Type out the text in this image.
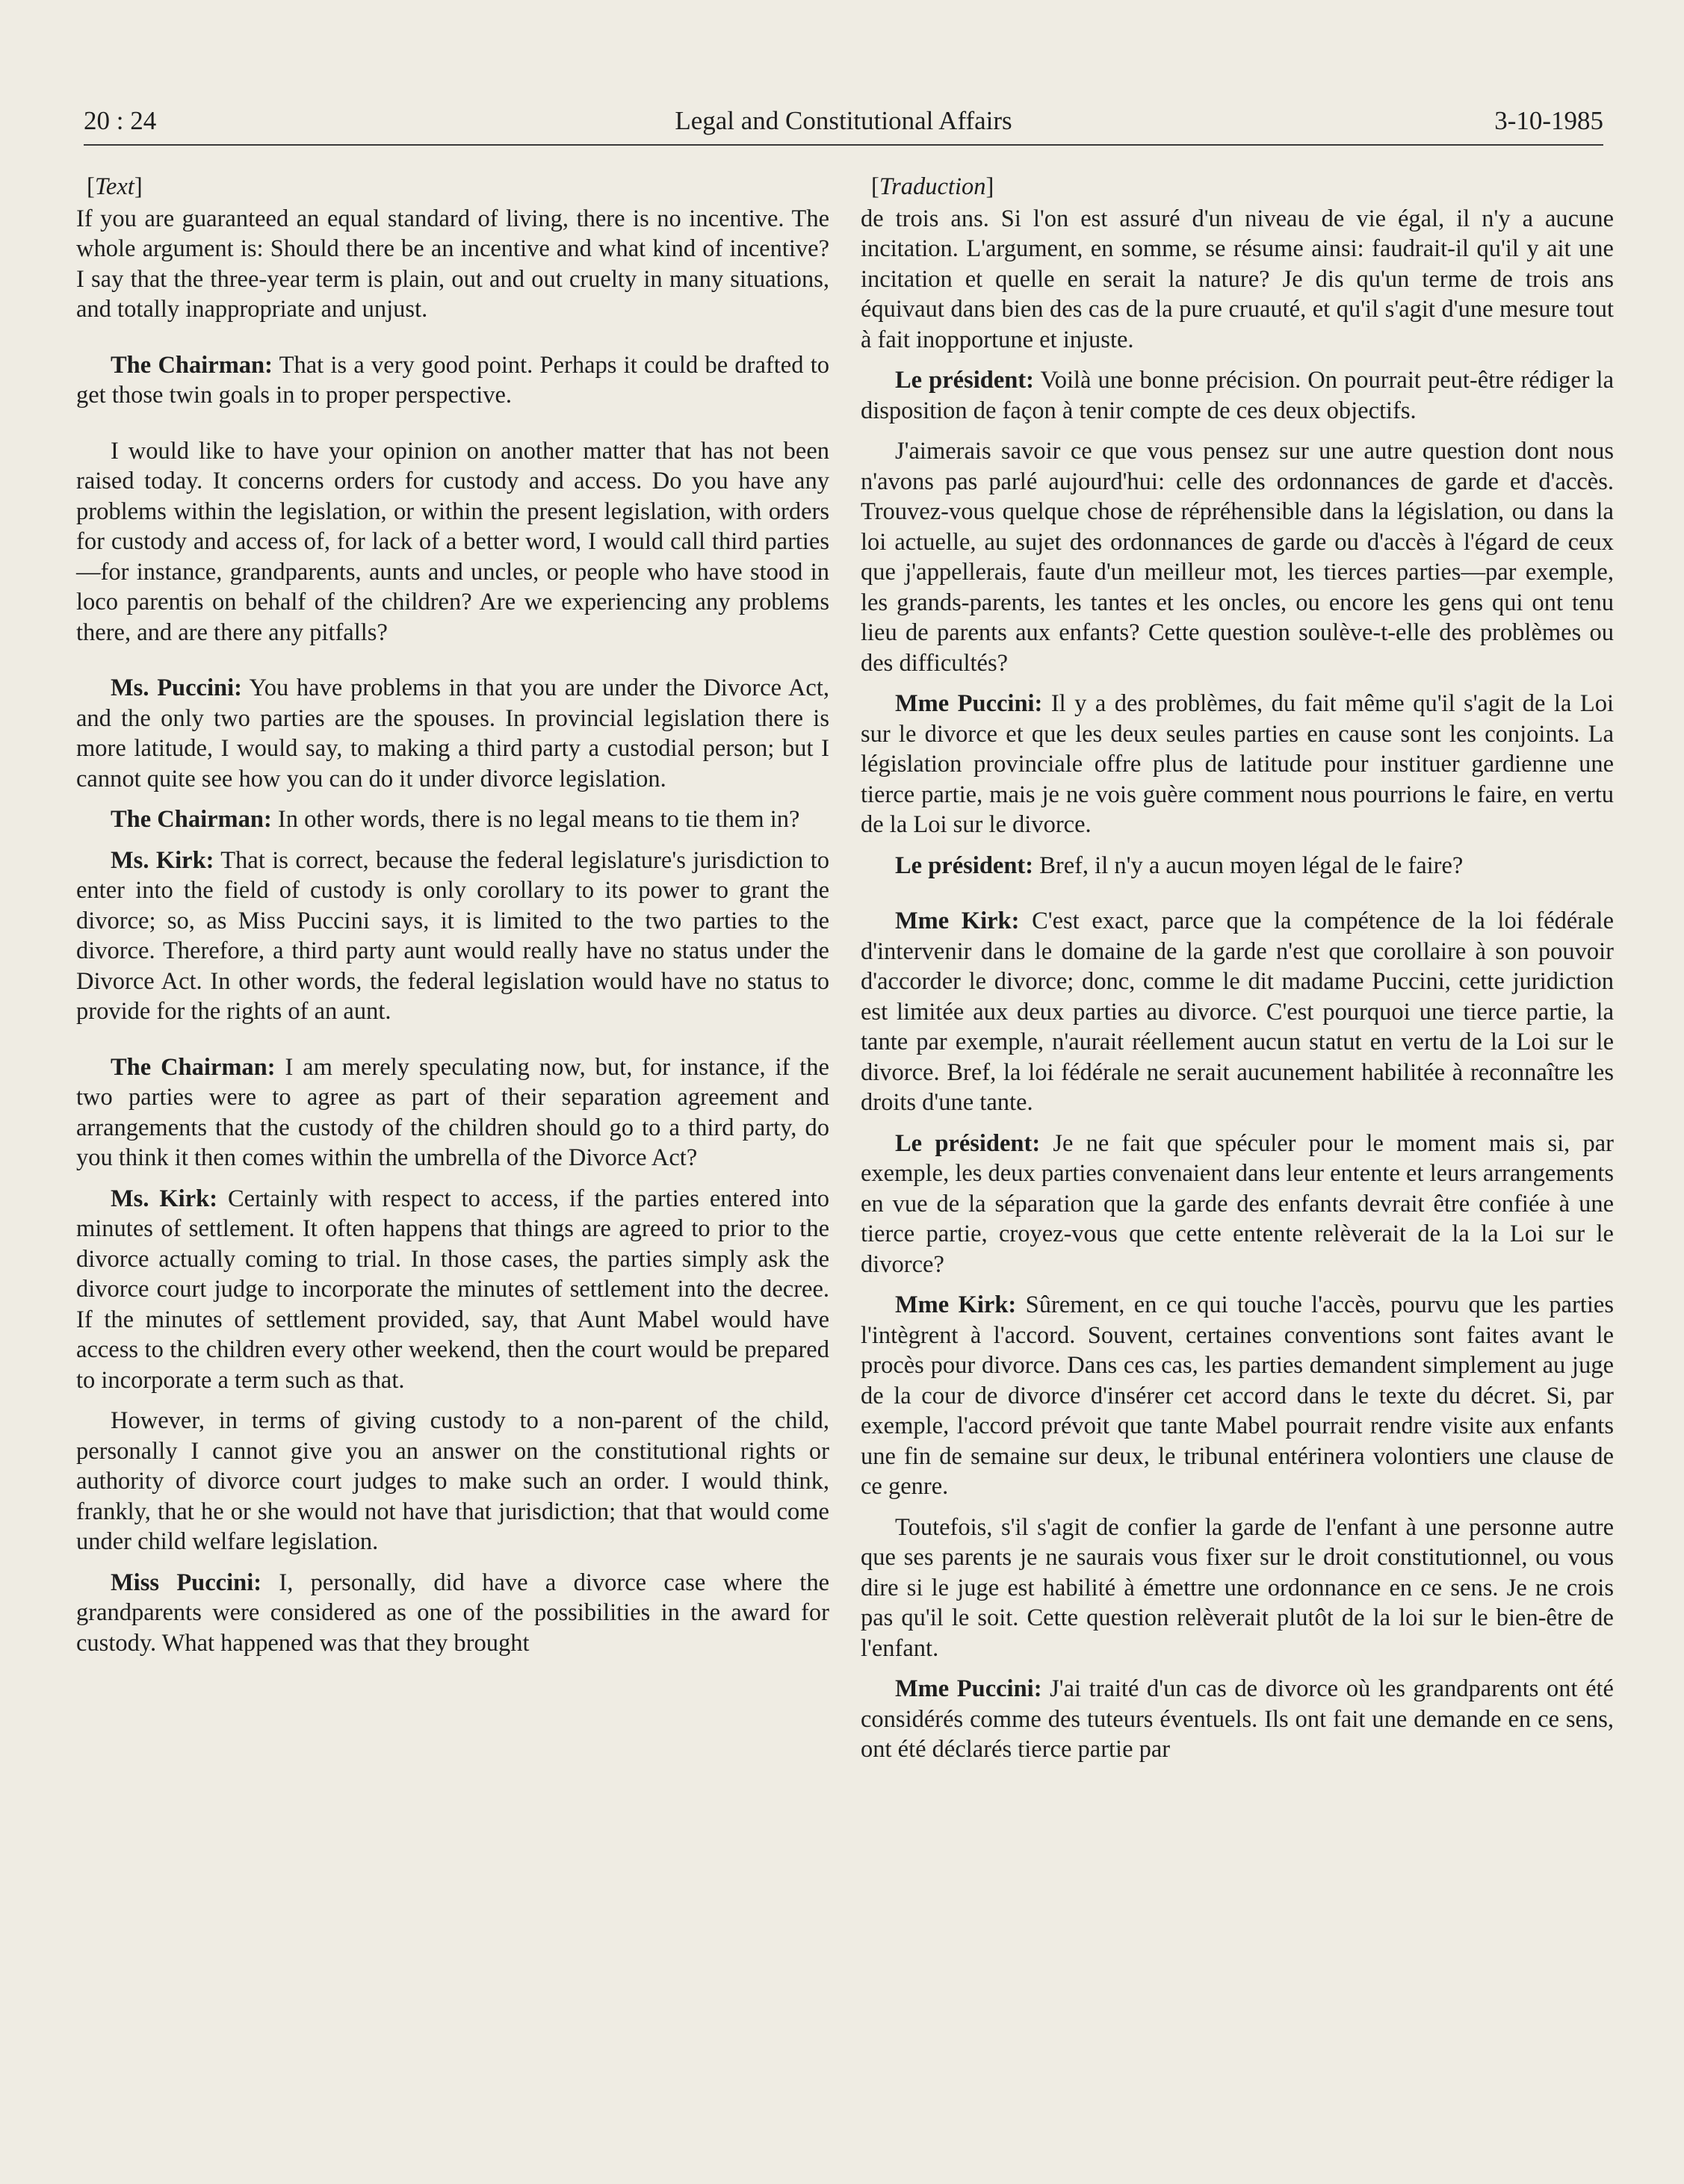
20 : 24	Legal and Constitutional Affairs	3-10-1985

[Text]

If you are guaranteed an equal standard of living, there is no incentive. The whole argument is: Should there be an incentive and what kind of incentive? I say that the three-year term is plain, out and out cruelty in many situations, and totally inappropriate and unjust.

The Chairman: That is a very good point. Perhaps it could be drafted to get those twin goals in to proper perspective.

I would like to have your opinion on another matter that has not been raised today. It concerns orders for custody and access. Do you have any problems within the legislation, or within the present legislation, with orders for custody and access of, for lack of a better word, I would call third parties—for instance, grandparents, aunts and uncles, or people who have stood in loco parentis on behalf of the children? Are we experiencing any problems there, and are there any pitfalls?

Ms. Puccini: You have problems in that you are under the Divorce Act, and the only two parties are the spouses. In provincial legislation there is more latitude, I would say, to making a third party a custodial person; but I cannot quite see how you can do it under divorce legislation.

The Chairman: In other words, there is no legal means to tie them in?

Ms. Kirk: That is correct, because the federal legislature's jurisdiction to enter into the field of custody is only corollary to its power to grant the divorce; so, as Miss Puccini says, it is limited to the two parties to the divorce. Therefore, a third party aunt would really have no status under the Divorce Act. In other words, the federal legislation would have no status to provide for the rights of an aunt.

The Chairman: I am merely speculating now, but, for instance, if the two parties were to agree as part of their separation agreement and arrangements that the custody of the children should go to a third party, do you think it then comes within the umbrella of the Divorce Act?

Ms. Kirk: Certainly with respect to access, if the parties entered into minutes of settlement. It often happens that things are agreed to prior to the divorce actually coming to trial. In those cases, the parties simply ask the divorce court judge to incorporate the minutes of settlement into the decree. If the minutes of settlement provided, say, that Aunt Mabel would have access to the children every other weekend, then the court would be prepared to incorporate a term such as that.

However, in terms of giving custody to a non-parent of the child, personally I cannot give you an answer on the constitutional rights or authority of divorce court judges to make such an order. I would think, frankly, that he or she would not have that jurisdiction; that that would come under child welfare legislation.

Miss Puccini: I, personally, did have a divorce case where the grandparents were considered as one of the possibilities in the award for custody. What happened was that they brought

[Traduction]

de trois ans. Si l'on est assuré d'un niveau de vie égal, il n'y a aucune incitation. L'argument, en somme, se résume ainsi: faudrait-il qu'il y ait une incitation et quelle en serait la nature? Je dis qu'un terme de trois ans équivaut dans bien des cas de la pure cruauté, et qu'il s'agit d'une mesure tout à fait inopportune et injuste.

Le président: Voilà une bonne précision. On pourrait peut-être rédiger la disposition de façon à tenir compte de ces deux objectifs.

J'aimerais savoir ce que vous pensez sur une autre question dont nous n'avons pas parlé aujourd'hui: celle des ordonnances de garde et d'accès. Trouvez-vous quelque chose de répréhensible dans la législation, ou dans la loi actuelle, au sujet des ordonnances de garde ou d'accès à l'égard de ceux que j'appellerais, faute d'un meilleur mot, les tierces parties—par exemple, les grands-parents, les tantes et les oncles, ou encore les gens qui ont tenu lieu de parents aux enfants? Cette question soulève-t-elle des problèmes ou des difficultés?

Mme Puccini: Il y a des problèmes, du fait même qu'il s'agit de la Loi sur le divorce et que les deux seules parties en cause sont les conjoints. La législation provinciale offre plus de latitude pour instituer gardienne une tierce partie, mais je ne vois guère comment nous pourrions le faire, en vertu de la Loi sur le divorce.

Le président: Bref, il n'y a aucun moyen légal de le faire?

Mme Kirk: C'est exact, parce que la compétence de la loi fédérale d'intervenir dans le domaine de la garde n'est que corollaire à son pouvoir d'accorder le divorce; donc, comme le dit madame Puccini, cette juridiction est limitée aux deux parties au divorce. C'est pourquoi une tierce partie, la tante par exemple, n'aurait réellement aucun statut en vertu de la Loi sur le divorce. Bref, la loi fédérale ne serait aucunement habilitée à reconnaître les droits d'une tante.

Le président: Je ne fait que spéculer pour le moment mais si, par exemple, les deux parties convenaient dans leur entente et leurs arrangements en vue de la séparation que la garde des enfants devrait être confiée à une tierce partie, croyez-vous que cette entente relèverait de la la Loi sur le divorce?

Mme Kirk: Sûrement, en ce qui touche l'accès, pourvu que les parties l'intègrent à l'accord. Souvent, certaines conventions sont faites avant le procès pour divorce. Dans ces cas, les parties demandent simplement au juge de la cour de divorce d'insérer cet accord dans le texte du décret. Si, par exemple, l'accord prévoit que tante Mabel pourrait rendre visite aux enfants une fin de semaine sur deux, le tribunal entérinera volontiers une clause de ce genre.

Toutefois, s'il s'agit de confier la garde de l'enfant à une personne autre que ses parents je ne saurais vous fixer sur le droit constitutionnel, ou vous dire si le juge est habilité à émettre une ordonnance en ce sens. Je ne crois pas qu'il le soit. Cette question relèverait plutôt de la loi sur le bien-être de l'enfant.

Mme Puccini: J'ai traité d'un cas de divorce où les grandparents ont été considérés comme des tuteurs éventuels. Ils ont fait une demande en ce sens, ont été déclarés tierce partie par
